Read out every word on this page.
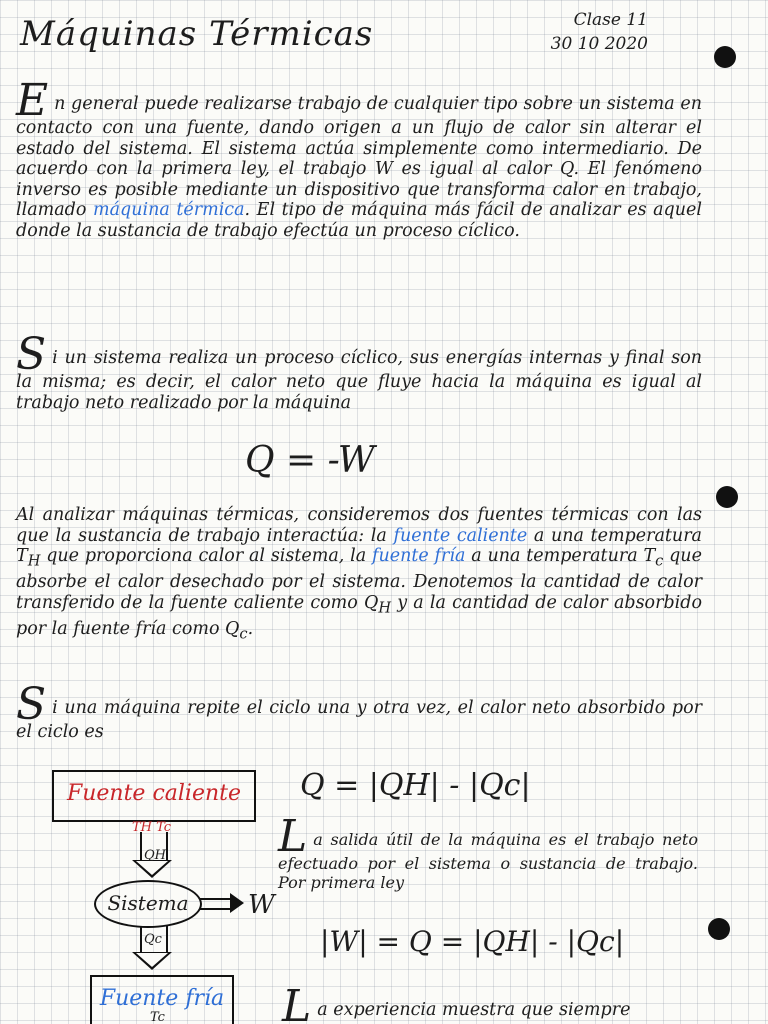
Máquinas Térmicas	Clase 11
30 10 2020
En general puede realizarse trabajo de cualquier tipo sobre un sistema en contacto con una fuente, dando origen a un flujo de calor sin alterar el estado del sistema. El sistema actúa simplemente como intermediario. De acuerdo con la primera ley, el trabajo W es igual al calor Q. El fenómeno inverso es posible mediante un dispositivo que transforma calor en trabajo, llamado máquina térmica. El tipo de máquina más fácil de analizar es aquel donde la sustancia de trabajo efectúa un proceso cíclico.
Si un sistema realiza un proceso cíclico, sus energías internas y final son la misma; es decir, el calor neto que fluye hacia la máquina es igual al trabajo neto realizado por la máquina
Q = -W
Al analizar máquinas térmicas, consideremos dos fuentes térmicas con las que la sustancia de trabajo interactúa: la fuente caliente a una temperatura $T_H$ que proporciona calor al sistema, la fuente fría a una temperatura $T_c$ que absorbe el calor desechado por el sistema. Denotemos la cantidad de calor transferido de la fuente caliente como $Q_H$ y a la cantidad de calor absorbido por la fuente fría como $Q_c$.
Si una máquina repite el ciclo una y otra vez, el calor neto absorbido por el ciclo es
Q = |QH| - |Qc|
Fuente caliente
TH Tc
QH
Sistema	W
Qc
Fuente fría
Tc
La salida útil de la máquina es el trabajo neto efectuado por el sistema o sustancia de trabajo. Por primera ley
|W| = Q = |QH| - |Qc|
La experiencia muestra que siempre
